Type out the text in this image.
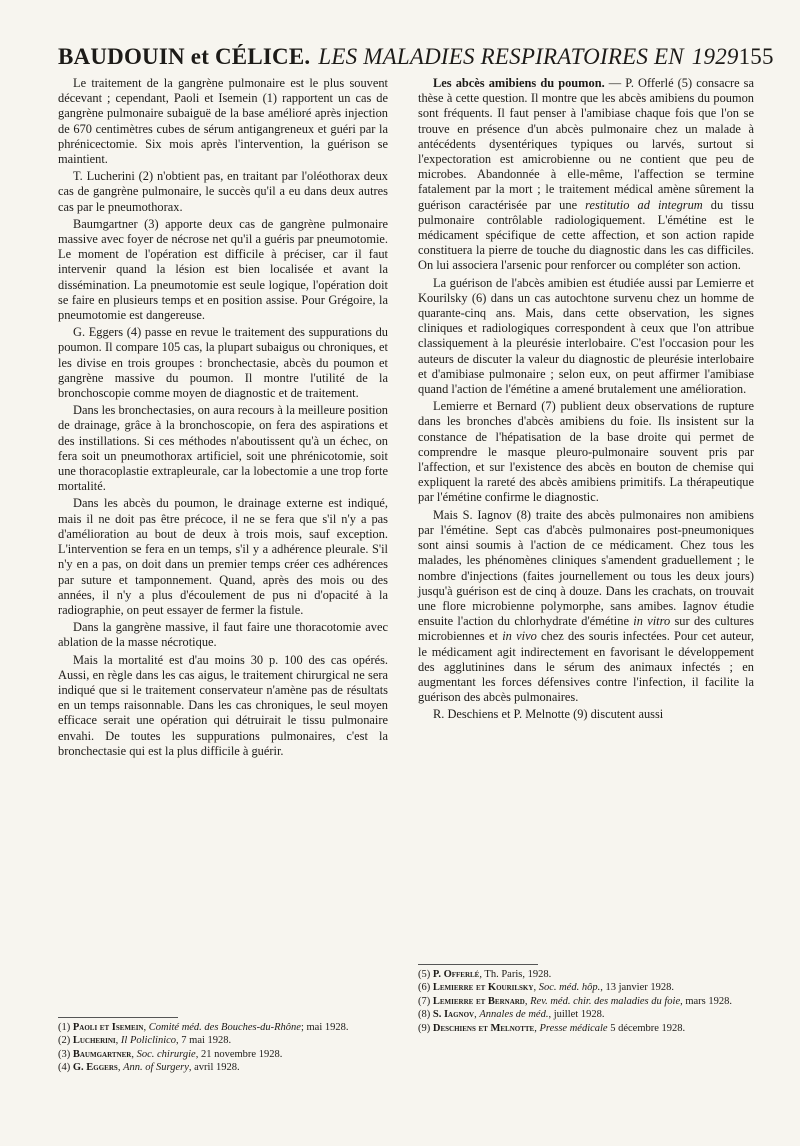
BAUDOUIN et CÉLICE. LES MALADIES RESPIRATOIRES EN 1929 155

Le traitement de la gangrène pulmonaire est le plus souvent décevant ; cependant, Paoli et Isemein (1) rapportent un cas de gangrène pulmonaire subaiguë de la base amélioré après injection de 670 centimètres cubes de sérum antigangreneux et guéri par la phrénicectomie. Six mois après l'intervention, la guérison se maintient.

T. Lucherini (2) n'obtient pas, en traitant par l'oléothorax deux cas de gangrène pulmonaire, le succès qu'il a eu dans deux autres cas par le pneumothorax.

Baumgartner (3) apporte deux cas de gangrène pulmonaire massive avec foyer de nécrose net qu'il a guéris par pneumotomie. Le moment de l'opération est difficile à préciser, car il faut intervenir quand la lésion est bien localisée et avant la dissémination. La pneumotomie est seule logique, l'opération doit se faire en plusieurs temps et en position assise. Pour Grégoire, la pneumotomie est dangereuse.

G. Eggers (4) passe en revue le traitement des suppurations du poumon. Il compare 105 cas, la plupart subaigus ou chroniques, et les divise en trois groupes : bronchectasie, abcès du poumon et gangrène massive du poumon. Il montre l'utilité de la bronchoscopie comme moyen de diagnostic et de traitement.

Dans les bronchectasies, on aura recours à la meilleure position de drainage, grâce à la bronchoscopie, on fera des aspirations et des instillations. Si ces méthodes n'aboutissent qu'à un échec, on fera soit un pneumothorax artificiel, soit une phrénicotomie, soit une thoracoplastie extrapleurale, car la lobectomie a une trop forte mortalité.

Dans les abcès du poumon, le drainage externe est indiqué, mais il ne doit pas être précoce, il ne se fera que s'il n'y a pas d'amélioration au bout de deux à trois mois, sauf exception. L'intervention se fera en un temps, s'il y a adhérence pleurale. S'il n'y en a pas, on doit dans un premier temps créer ces adhérences par suture et tamponnement. Quand, après des mois ou des années, il n'y a plus d'écoulement de pus ni d'opacité à la radiographie, on peut essayer de fermer la fistule.

Dans la gangrène massive, il faut faire une thoracotomie avec ablation de la masse nécrotique.

Mais la mortalité est d'au moins 30 p. 100 des cas opérés. Aussi, en règle dans les cas aigus, le traitement chirurgical ne sera indiqué que si le traitement conservateur n'amène pas de résultats en un temps raisonnable. Dans les cas chroniques, le seul moyen efficace serait une opération qui détruirait le tissu pulmonaire envahi. De toutes les suppurations pulmonaires, c'est la bronchectasie qui est la plus difficile à guérir.

Les abcès amibiens du poumon. — P. Offerlé (5) consacre sa thèse à cette question. Il montre que les abcès amibiens du poumon sont fréquents. Il faut penser à l'amibiase chaque fois que l'on se trouve en présence d'un abcès pulmonaire chez un malade à antécédents dysentériques typiques ou larvés, surtout si l'expectoration est amicrobienne ou ne contient que peu de microbes. Abandonnée à elle-même, l'affection se termine fatalement par la mort ; le traitement médical amène sûrement la guérison caractérisée par une restitutio ad integrum du tissu pulmonaire contrôlable radiologiquement. L'émétine est le médicament spécifique de cette affection, et son action rapide constituera la pierre de touche du diagnostic dans les cas difficiles. On lui associera l'arsenic pour renforcer ou compléter son action.

La guérison de l'abcès amibien est étudiée aussi par Lemierre et Kourilsky (6) dans un cas autochtone survenu chez un homme de quarante-cinq ans. Mais, dans cette observation, les signes cliniques et radiologiques correspondent à ceux que l'on attribue classiquement à la pleurésie interlobaire. C'est l'occasion pour les auteurs de discuter la valeur du diagnostic de pleurésie interlobaire et d'amibiase pulmonaire ; selon eux, on peut affirmer l'amibiase quand l'action de l'émétine a amené brutalement une amélioration.

Lemierre et Bernard (7) publient deux observations de rupture dans les bronches d'abcès amibiens du foie. Ils insistent sur la constance de l'hépatisation de la base droite qui permet de comprendre le masque pleuro-pulmonaire souvent pris par l'affection, et sur l'existence des abcès en bouton de chemise qui expliquent la rareté des abcès amibiens primitifs. La thérapeutique par l'émétine confirme le diagnostic.

Mais S. Iagnov (8) traite des abcès pulmonaires non amibiens par l'émétine. Sept cas d'abcès pulmonaires post-pneumoniques sont ainsi soumis à l'action de ce médicament. Chez tous les malades, les phénomènes cliniques s'amendent graduellement ; le nombre d'injections (faites journellement ou tous les deux jours) jusqu'à guérison est de cinq à douze. Dans les crachats, on trouvait une flore microbienne polymorphe, sans amibes. Iagnov étudie ensuite l'action du chlorhydrate d'émétine in vitro sur des cultures microbiennes et in vivo chez des souris infectées. Pour cet auteur, le médicament agit indirectement en favorisant le développement des agglutinines dans le sérum des animaux infectés ; en augmentant les forces défensives contre l'infection, il facilite la guérison des abcès pulmonaires.

R. Deschiens et P. Melnotte (9) discutent aussi

(1) Paoli et Isemein, Comité méd. des Bouches-du-Rhône; mai 1928.
(2) Lucherini, Il Policlinico, 7 mai 1928.
(3) Baumgartner, Soc. chirurgie, 21 novembre 1928.
(4) G. Eggers, Ann. of Surgery, avril 1928.
(5) P. Offerlé, Th. Paris, 1928.
(6) Lemierre et Kourilsky, Soc. méd. hôp., 13 janvier 1928.
(7) Lemierre et Bernard, Rev. méd. chir. des maladies du foie, mars 1928.
(8) S. Iagnov, Annales de méd., juillet 1928.
(9) Deschiens et Melnotte, Presse médicale 5 décembre 1928.
